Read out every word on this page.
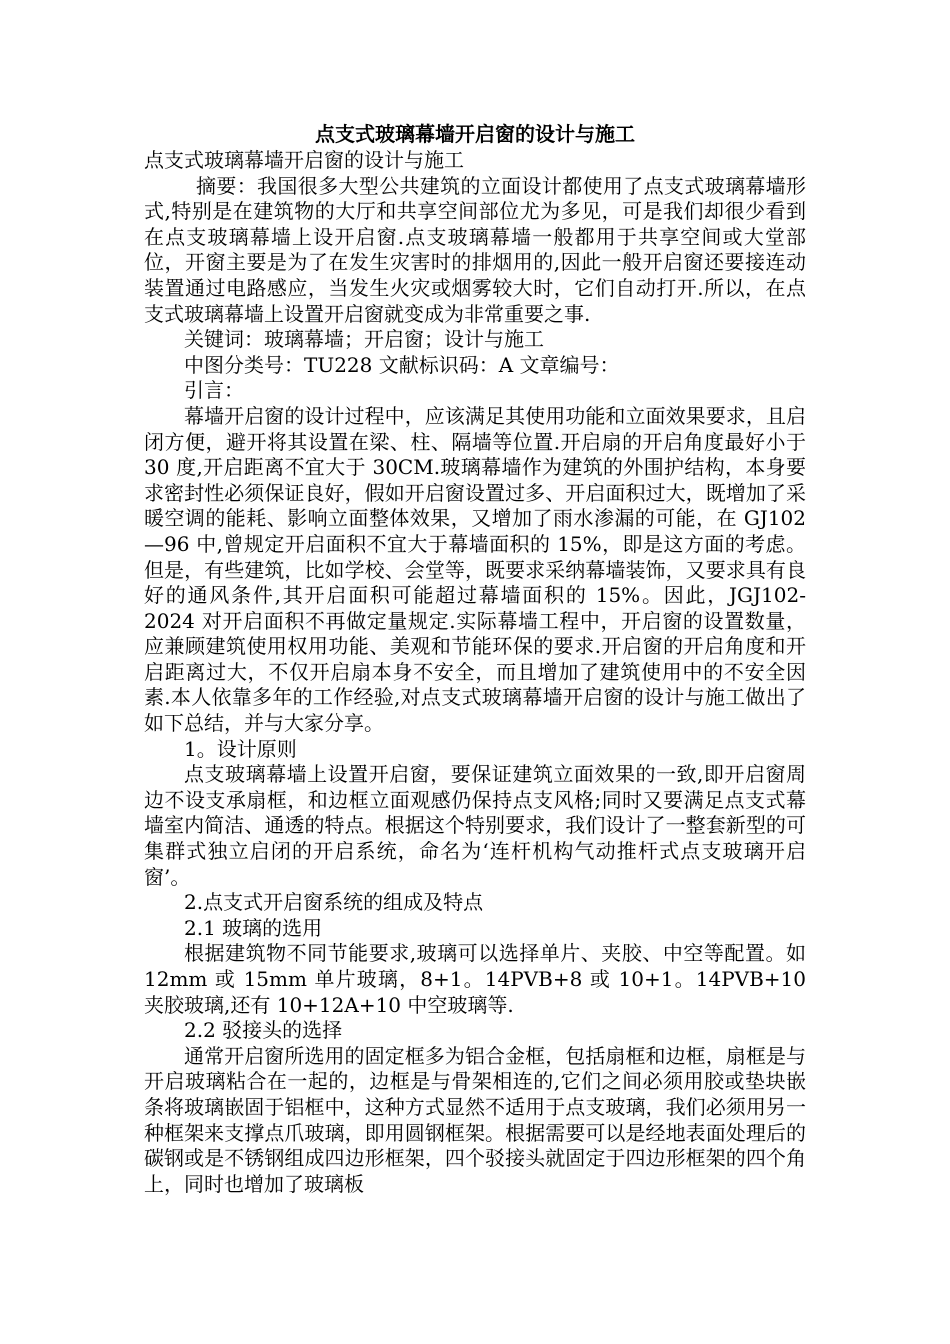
点支式玻璃幕墙开启窗的设计与施工

点支式玻璃幕墙开启窗的设计与施工

摘要：我国很多大型公共建筑的立面设计都使用了点支式玻璃幕墙形式,特别是在建筑物的大厅和共享空间部位尤为多见，可是我们却很少看到在点支玻璃幕墙上设开启窗.点支玻璃幕墙一般都用于共享空间或大堂部位，开窗主要是为了在发生灾害时的排烟用的,因此一般开启窗还要接连动装置通过电路感应，当发生火灾或烟雾较大时，它们自动打开.所以，在点支式玻璃幕墙上设置开启窗就变成为非常重要之事.

关键词：玻璃幕墙；开启窗；设计与施工

中图分类号：TU228 文献标识码：A 文章编号：

引言：

幕墙开启窗的设计过程中，应该满足其使用功能和立面效果要求，且启闭方便，避开将其设置在梁、柱、隔墙等位置.开启扇的开启角度最好小于 30 度,开启距离不宜大于 30CM.玻璃幕墙作为建筑的外围护结构，本身要求密封性必须保证良好，假如开启窗设置过多、开启面积过大，既增加了采暖空调的能耗、影响立面整体效果，又增加了雨水渗漏的可能，在 GJ102—96 中,曾规定开启面积不宜大于幕墙面积的 15%，即是这方面的考虑。但是，有些建筑，比如学校、会堂等，既要求采纳幕墙装饰，又要求具有良好的通风条件,其开启面积可能超过幕墙面积的 15%。因此，JGJ102-2024 对开启面积不再做定量规定.实际幕墙工程中，开启窗的设置数量，应兼顾建筑使用权用功能、美观和节能环保的要求.开启窗的开启角度和开启距离过大，不仅开启扇本身不安全，而且增加了建筑使用中的不安全因素.本人依靠多年的工作经验,对点支式玻璃幕墙开启窗的设计与施工做出了如下总结，并与大家分享。

1。设计原则

点支玻璃幕墙上设置开启窗，要保证建筑立面效果的一致,即开启窗周边不设支承扇框，和边框立面观感仍保持点支风格;同时又要满足点支式幕墙室内简洁、通透的特点。根据这个特别要求，我们设计了一整套新型的可集群式独立启闭的开启系统，命名为‘连杆机构气动推杆式点支玻璃开启窗’。

2.点支式开启窗系统的组成及特点

2.1 玻璃的选用

根据建筑物不同节能要求,玻璃可以选择单片、夹胶、中空等配置。如 12mm 或 15mm 单片玻璃，8+1。14PVB+8 或 10+1。14PVB+10 夹胶玻璃,还有 10+12A+10 中空玻璃等.

2.2 驳接头的选择

通常开启窗所选用的固定框多为铝合金框，包括扇框和边框，扇框是与开启玻璃粘合在一起的，边框是与骨架相连的,它们之间必须用胶或垫块嵌条将玻璃嵌固于铝框中，这种方式显然不适用于点支玻璃，我们必须用另一种框架来支撑点爪玻璃，即用圆钢框架。根据需要可以是经地表面处理后的碳钢或是不锈钢组成四边形框架，四个驳接头就固定于四边形框架的四个角上，同时也增加了玻璃板
